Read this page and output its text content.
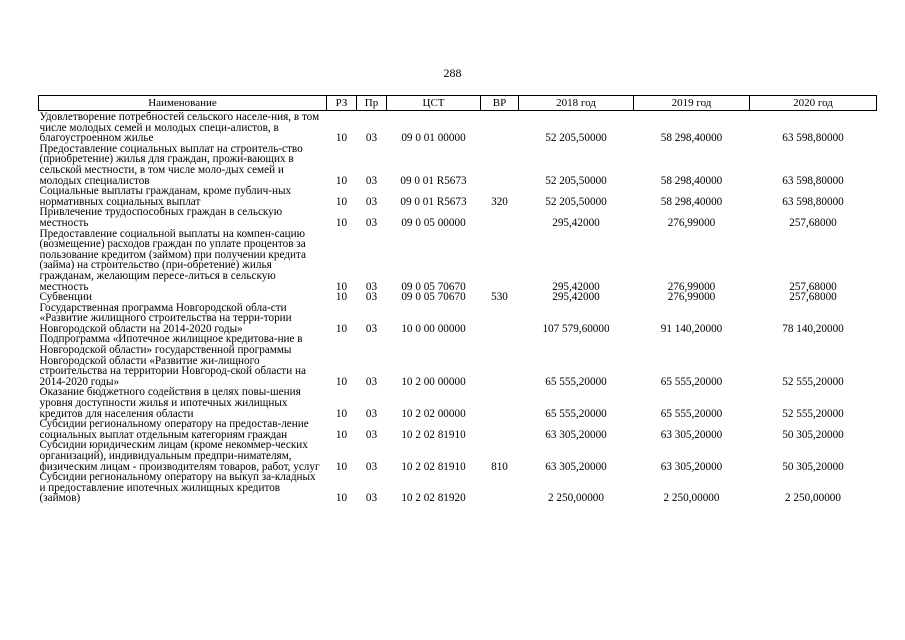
288
Наименование	РЗ	Пр	ЦСТ	ВР	2018 год	2019 год	2020 год
Удовлетворение потребностей сельского населе-ния, в том числе молодых семей и молодых специ-алистов, в благоустроенном жилье	10	03	09 0 01 00000		52 205,50000	58 298,40000	63 598,80000
Предоставление социальных выплат на строитель-ство (приобретение) жилья для граждан, прожи-вающих в сельской местности, в том числе моло-дых семей и молодых специалистов	10	03	09 0 01 R5673		52 205,50000	58 298,40000	63 598,80000
Социальные выплаты гражданам, кроме публич-ных нормативных социальных выплат	10	03	09 0 01 R5673	320	52 205,50000	58 298,40000	63 598,80000
Привлечение трудоспособных граждан в сельскую местность	10	03	09 0 05 00000		295,42000	276,99000	257,68000
Предоставление социальной выплаты на компен-сацию (возмещение) расходов граждан по уплате процентов за пользование кредитом (займом) при получении кредита (займа) на строительство (при-обретение) жилья гражданам, желающим пересе-литься в сельскую местность	10	03	09 0 05 70670		295,42000	276,99000	257,68000
Субвенции	10	03	09 0 05 70670	530	295,42000	276,99000	257,68000
Государственная программа Новгородской обла-сти «Развитие жилищного строительства на терри-тории Новгородской области на 2014-2020 годы»	10	03	10 0 00 00000		107 579,60000	91 140,20000	78 140,20000
Подпрограмма «Ипотечное жилищное кредитова-ние в Новгородской области» государственной программы Новгородской области «Развитие жи-лищного строительства на территории Новгород-ской области на 2014-2020 годы»	10	03	10 2 00 00000		65 555,20000	65 555,20000	52 555,20000
Оказание бюджетного содействия в целях повы-шения уровня доступности жилья и ипотечных жилищных кредитов для населения области	10	03	10 2 02 00000		65 555,20000	65 555,20000	52 555,20000
Субсидии региональному оператору на предостав-ление социальных выплат отдельным категориям граждан	10	03	10 2 02 81910		63 305,20000	63 305,20000	50 305,20000
Субсидии юридическим лицам (кроме некоммер-ческих организаций), индивидуальным предпри-нимателям, физическим лицам - производителям товаров, работ, услуг	10	03	10 2 02 81910	810	63 305,20000	63 305,20000	50 305,20000
Субсидии региональному оператору на выкуп за-кладных и предоставление ипотечных жилищных кредитов (займов)	10	03	10 2 02 81920		2 250,00000	2 250,00000	2 250,00000
